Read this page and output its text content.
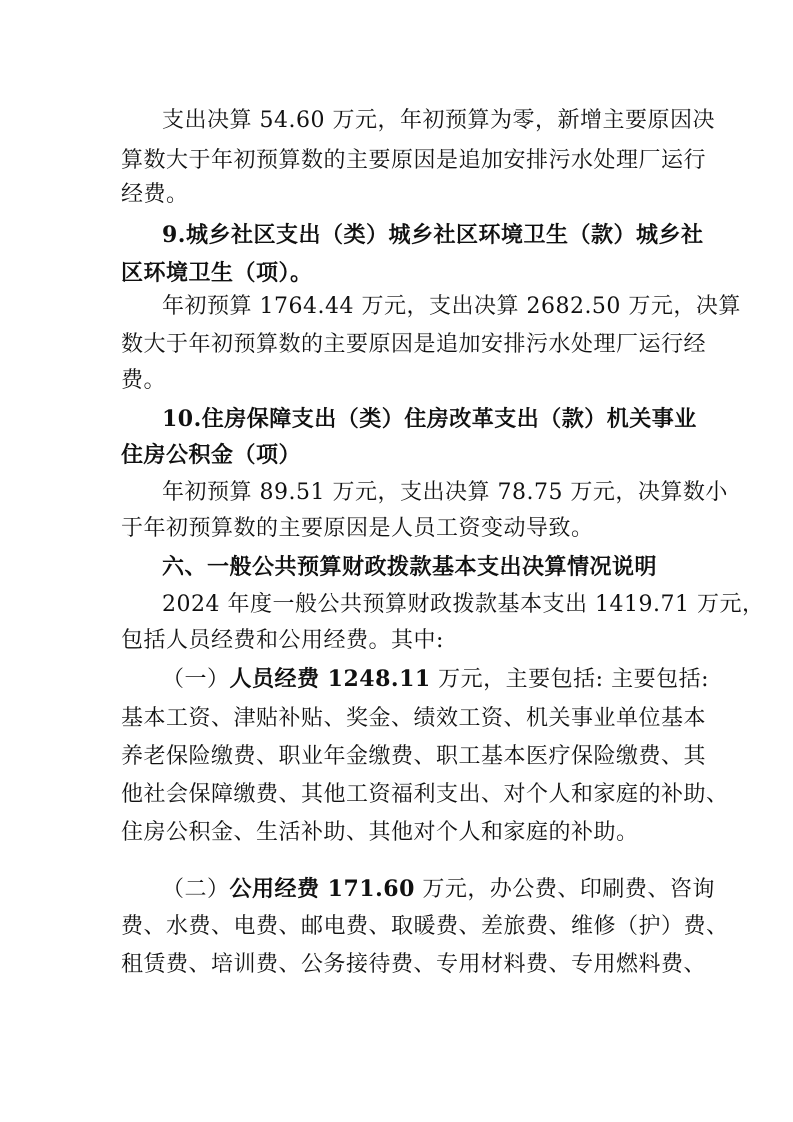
支出决算 54.60 万元，年初预算为零，新增主要原因决
算数大于年初预算数的主要原因是追加安排污水处理厂运行
经费。
9.城乡社区支出（类）城乡社区环境卫生（款）城乡社
区环境卫生（项）。
年初预算 1764.44 万元，支出决算 2682.50 万元，决算
数大于年初预算数的主要原因是追加安排污水处理厂运行经
费。
10.住房保障支出（类）住房改革支出（款）机关事业
住房公积金（项）
年初预算 89.51 万元，支出决算 78.75 万元，决算数小
于年初预算数的主要原因是人员工资变动导致。
六、一般公共预算财政拨款基本支出决算情况说明
2024 年度一般公共预算财政拨款基本支出 1419.71 万元，
包括人员经费和公用经费。其中:
（一）人员经费 1248.11 万元，主要包括: 主要包括:
基本工资、津贴补贴、奖金、绩效工资、机关事业单位基本
养老保险缴费、职业年金缴费、职工基本医疗保险缴费、其
他社会保障缴费、其他工资福利支出、对个人和家庭的补助、
住房公积金、生活补助、其他对个人和家庭的补助。
（二）公用经费 171.60 万元，办公费、印刷费、咨询
费、水费、电费、邮电费、取暖费、差旅费、维修（护）费、
租赁费、培训费、公务接待费、专用材料费、专用燃料费、
